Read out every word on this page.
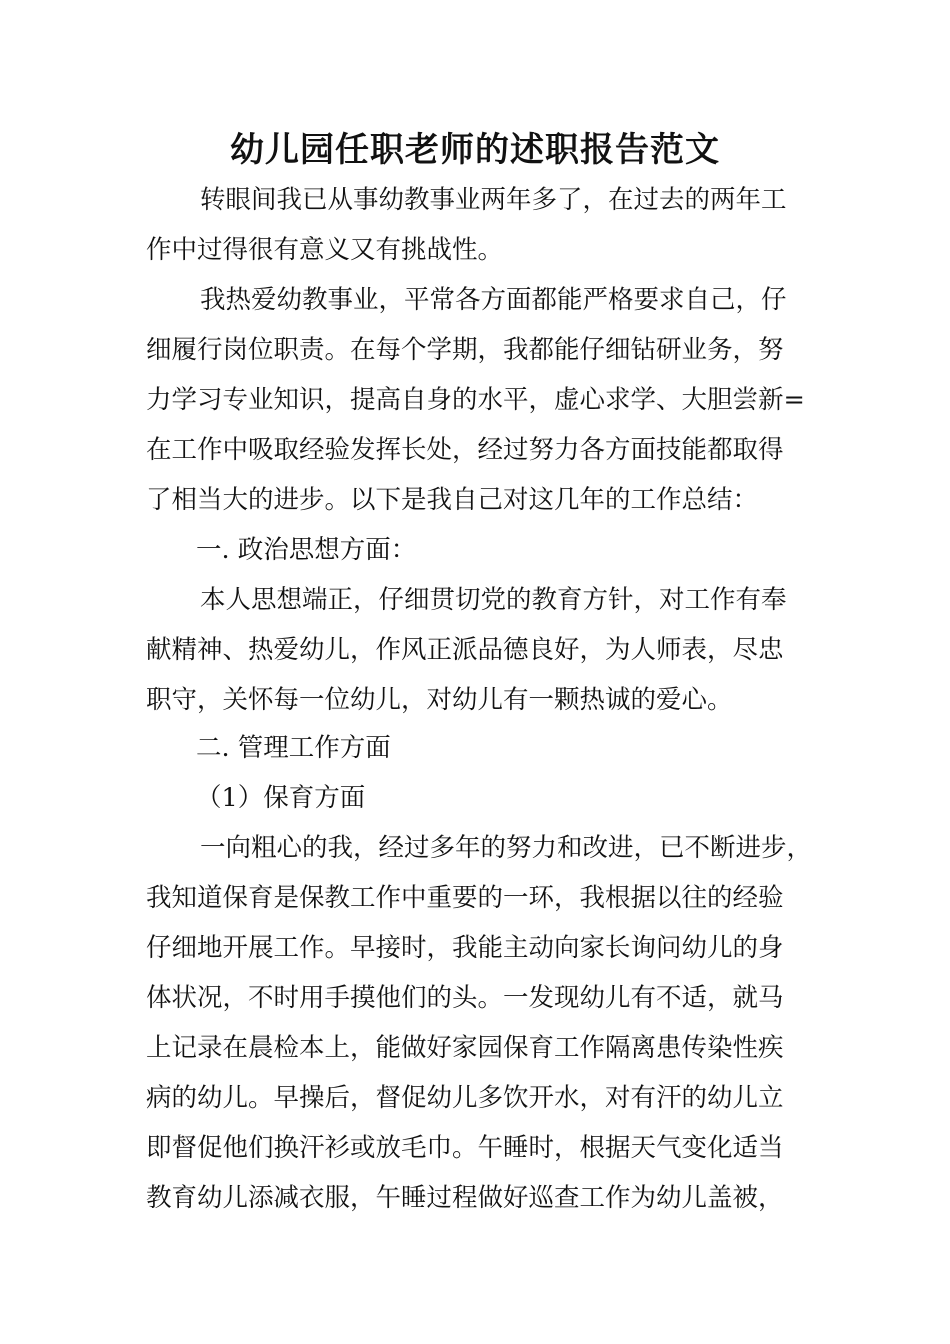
幼儿园任职老师的述职报告范文
转眼间我已从事幼教事业两年多了，在过去的两年工
作中过得很有意义又有挑战性。
我热爱幼教事业，平常各方面都能严格要求自己，仔
细履行岗位职责。在每个学期，我都能仔细钻研业务，努
力学习专业知识，提高自身的水平，虚心求学、大胆尝新=
在工作中吸取经验发挥长处，经过努力各方面技能都取得
了相当大的进步。以下是我自己对这几年的工作总结：
一. 政治思想方面：
本人思想端正，仔细贯切党的教育方针，对工作有奉
献精神、热爱幼儿，作风正派品德良好，为人师表，尽忠
职守，关怀每一位幼儿，对幼儿有一颗热诚的爱心。
二. 管理工作方面
（1）保育方面
一向粗心的我，经过多年的努力和改进，已不断进步，
我知道保育是保教工作中重要的一环，我根据以往的经验
仔细地开展工作。早接时，我能主动向家长询问幼儿的身
体状况，不时用手摸他们的头。一发现幼儿有不适，就马
上记录在晨检本上，能做好家园保育工作隔离患传染性疾
病的幼儿。早操后，督促幼儿多饮开水，对有汗的幼儿立
即督促他们换汗衫或放毛巾。午睡时，根据天气变化适当
教育幼儿添减衣服，午睡过程做好巡查工作为幼儿盖被，
